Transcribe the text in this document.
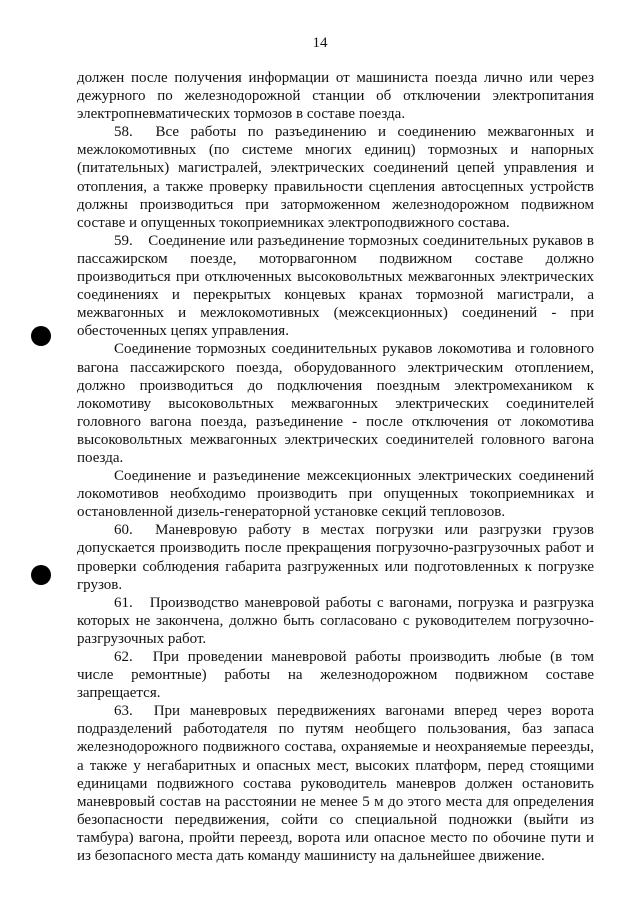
14

должен после получения информации от машиниста поезда лично или через дежурного по железнодорожной станции об отключении электропитания электропневматических тормозов в составе поезда.

58. Все работы по разъединению и соединению межвагонных и межлокомотивных (по системе многих единиц) тормозных и напорных (питательных) магистралей, электрических соединений цепей управления и отопления, а также проверку правильности сцепления автосцепных устройств должны производиться при заторможенном железнодорожном подвижном составе и опущенных токоприемниках электроподвижного состава.

59. Соединение или разъединение тормозных соединительных рукавов в пассажирском поезде, моторвагонном подвижном составе должно производиться при отключенных высоковольтных межвагонных электрических соединениях и перекрытых концевых кранах тормозной магистрали, а межвагонных и межлокомотивных (межсекционных) соединений - при обесточенных цепях управления.

Соединение тормозных соединительных рукавов локомотива и головного вагона пассажирского поезда, оборудованного электрическим отоплением, должно производиться до подключения поездным электромехаником к локомотиву высоковольтных межвагонных электрических соединителей головного вагона поезда, разъединение - после отключения от локомотива высоковольтных межвагонных электрических соединителей головного вагона поезда.

Соединение и разъединение межсекционных электрических соединений локомотивов необходимо производить при опущенных токоприемниках и остановленной дизель-генераторной установке секций тепловозов.

60. Маневровую работу в местах погрузки или разгрузки грузов допускается производить после прекращения погрузочно-разгрузочных работ и проверки соблюдения габарита разгруженных или подготовленных к погрузке грузов.

61. Производство маневровой работы с вагонами, погрузка и разгрузка которых не закончена, должно быть согласовано с руководителем погрузочно-разгрузочных работ.

62. При проведении маневровой работы производить любые (в том числе ремонтные) работы на железнодорожном подвижном составе запрещается.

63. При маневровых передвижениях вагонами вперед через ворота подразделений работодателя по путям необщего пользования, баз запаса железнодорожного подвижного состава, охраняемые и неохраняемые переезды, а также у негабаритных и опасных мест, высоких платформ, перед стоящими единицами подвижного состава руководитель маневров должен остановить маневровый состав на расстоянии не менее 5 м до этого места для определения безопасности передвижения, сойти со специальной подножки (выйти из тамбура) вагона, пройти переезд, ворота или опасное место по обочине пути и из безопасного места дать команду машинисту на дальнейшее движение.
